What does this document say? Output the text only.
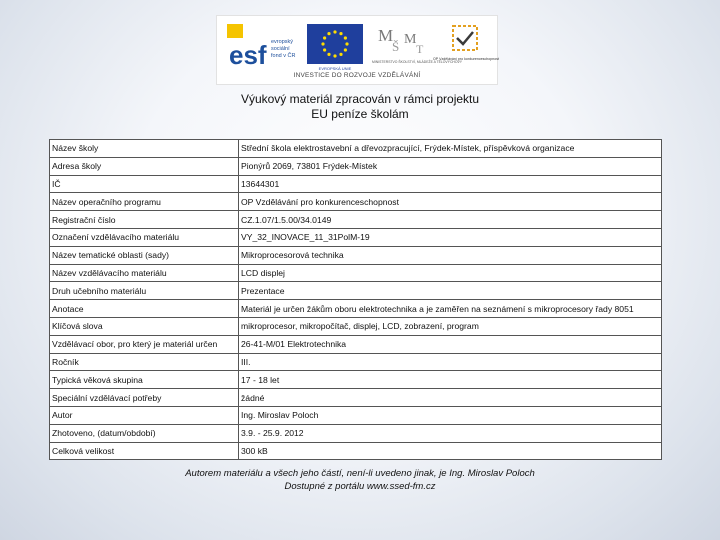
esf evropský
sociální
fond v ČR
EVROPSKÁ UNIE
M
Š M
T
MINISTERSTVO ŠKOLSTVÍ, MLÁDEŽE A TĚLOVÝCHOVY
OP Vzdělávání pro konkurenceschopnost
INVESTICE DO ROZVOJE VZDĚLÁVÁNÍ
Výukový materiál zpracován v rámci projektu
EU peníze školám
Název školy	Střední škola elektrostavební a dřevozpracující, Frýdek-Místek, příspěvková organizace
Adresa školy	Pionýrů 2069, 73801 Frýdek-Místek
IČ	13644301
Název operačního programu	OP Vzdělávání pro konkurenceschopnost
Registrační číslo	CZ.1.07/1.5.00/34.0149
Označení vzdělávacího materiálu	VY_32_INOVACE_11_31PolM-19
Název tematické oblasti (sady)	Mikroprocesorová technika
Název vzdělávacího materiálu	LCD displej
Druh učebního materiálu	Prezentace
Anotace	Materiál je určen žákům oboru elektrotechnika a je zaměřen na seznámení s mikroprocesory řady 8051
Klíčová slova	mikroprocesor, mikropočítač, displej, LCD, zobrazení, program
Vzdělávací obor, pro který je materiál určen	26-41-M/01 Elektrotechnika
Ročník	III.
Typická věková skupina	17 - 18 let
Speciální vzdělávací potřeby	žádné
Autor	Ing. Miroslav Poloch
Zhotoveno, (datum/období)	3.9. - 25.9. 2012
Celková velikost	300 kB
Autorem materiálu a všech jeho částí, není-li uvedeno jinak, je Ing. Miroslav Poloch
Dostupné z portálu www.ssed-fm.cz
